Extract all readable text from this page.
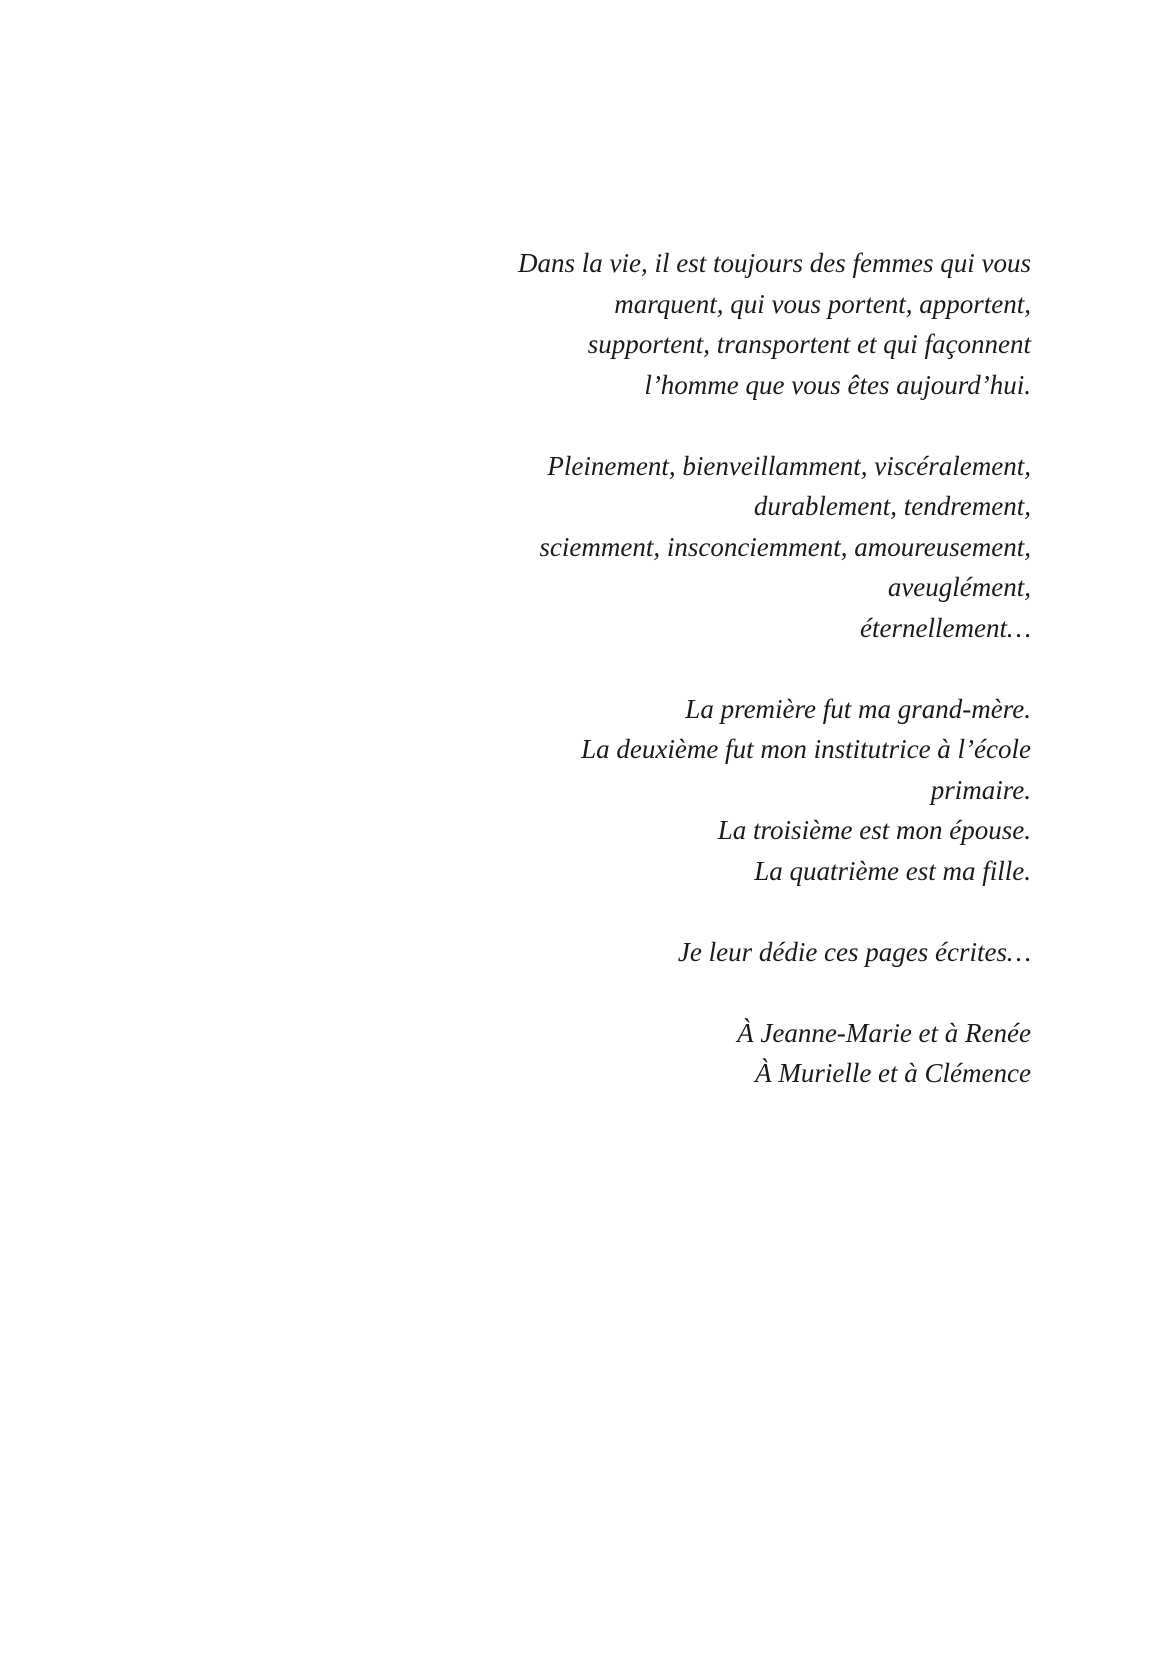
Dans la vie, il est toujours des femmes qui vous
marquent, qui vous portent, apportent,
supportent, transportent et qui façonnent
l’homme que vous êtes aujourd’hui.

Pleinement, bienveillamment, viscéralement,
durablement, tendrement,
sciemment, insconciemment, amoureusement,
aveuglément,
éternellement…

La première fut ma grand-mère.
La deuxième fut mon institutrice à l’école
primaire.
La troisième est mon épouse.
La quatrième est ma fille.

Je leur dédie ces pages écrites…

À Jeanne-Marie et à Renée
À Murielle et à Clémence
